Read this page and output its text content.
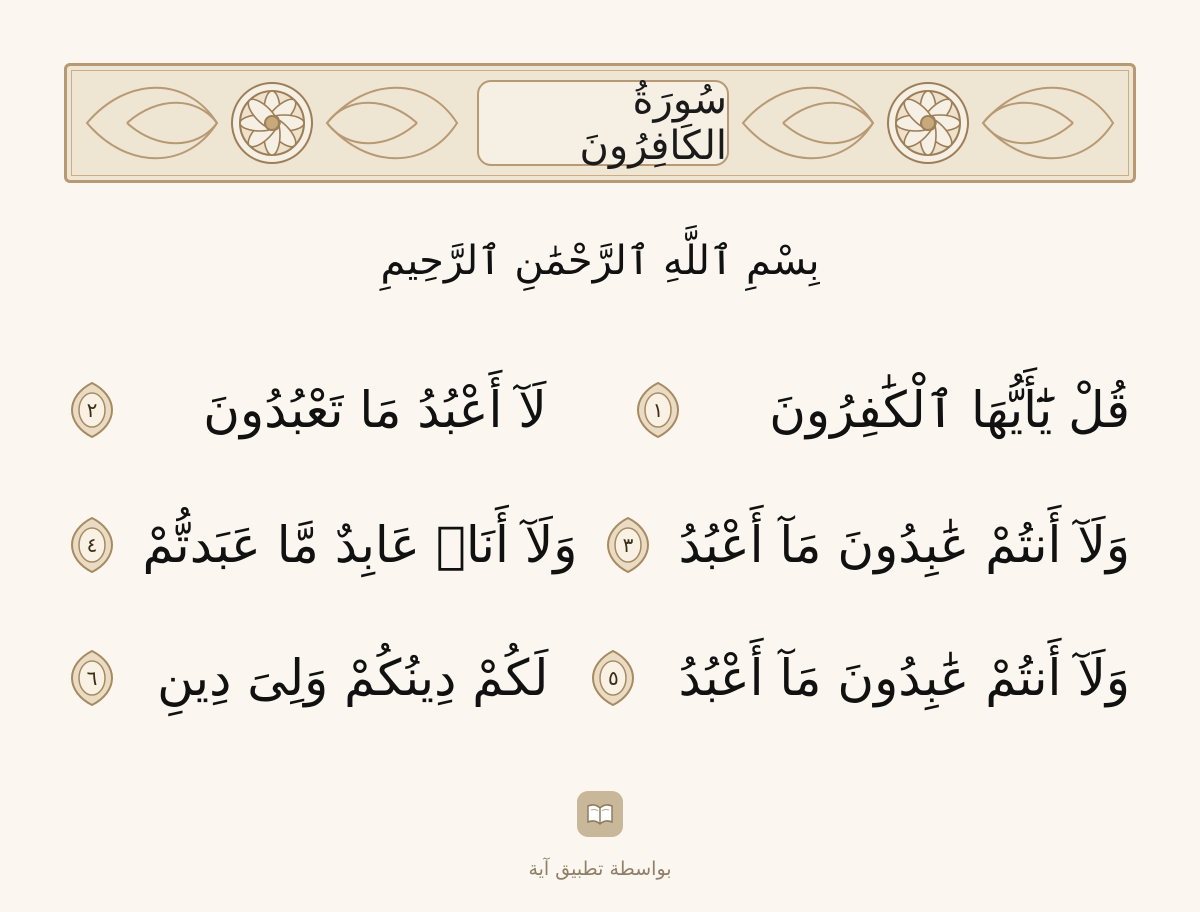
سُورَةُ الكَافِرُونَ
بِسْمِ ٱللَّهِ ٱلرَّحْمَٰنِ ٱلرَّحِيمِ
قُلْ يَٰٓأَيُّهَا ٱلْكَٰفِرُونَ
١
لَآ أَعْبُدُ مَا تَعْبُدُونَ
٢
وَلَآ أَنتُمْ عَٰبِدُونَ مَآ أَعْبُدُ
٣
وَلَآ أَنَا۠ عَابِدٌ مَّا عَبَدتُّمْ
٤
وَلَآ أَنتُمْ عَٰبِدُونَ مَآ أَعْبُدُ
٥
لَكُمْ دِينُكُمْ وَلِىَ دِينِ
٦
بواسطة تطبيق آية
